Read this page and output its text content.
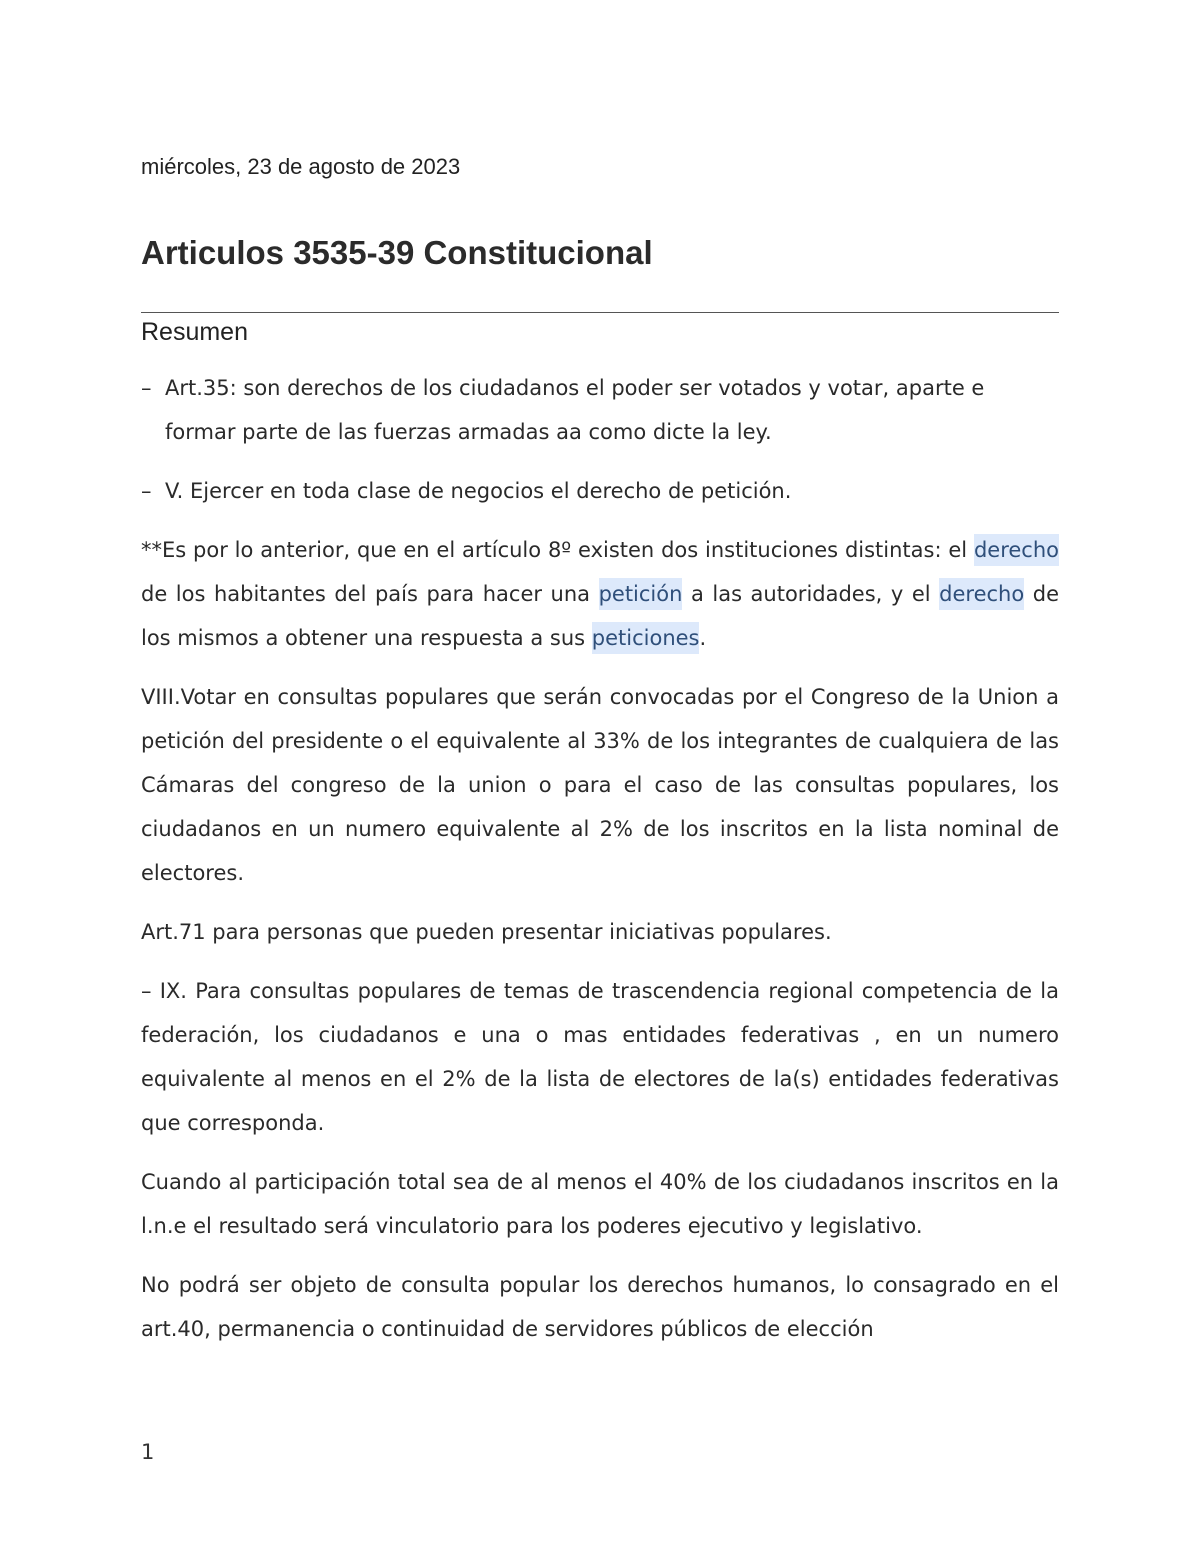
miércoles, 23 de agosto de 2023
Articulos 3535-39 Constitucional
Resumen
– Art.35: son derechos de los ciudadanos el poder ser votados y votar, aparte e formar parte de las fuerzas armadas aa como dicte la ley.
– V. Ejercer en toda clase de negocios el derecho de petición.

**Es por lo anterior, que en el artículo 8º existen dos instituciones distintas: el derecho de los habitantes del país para hacer una petición a las autoridades, y el derecho de los mismos a obtener una respuesta a sus peticiones.

VIII.Votar en consultas populares que serán convocadas por el Congreso de la Union a petición del presidente o el equivalente al 33% de los integrantes de cualquiera de las Cámaras del congreso de la union o para el caso de las consultas populares, los ciudadanos en un numero equivalente al 2% de los inscritos en la lista nominal de electores.

Art.71 para personas que pueden presentar iniciativas populares.

– IX. Para consultas populares de temas de trascendencia regional competencia de la federación, los ciudadanos e una o mas entidades federativas , en un numero equivalente al menos en el 2% de la lista de electores de la(s) entidades federativas que corresponda.

Cuando al participación total sea de al menos el 40% de los ciudadanos inscritos en la l.n.e el resultado será vinculatorio para los poderes ejecutivo y legislativo.

No podrá ser objeto de consulta popular los derechos humanos, lo consagrado en el art.40, permanencia o continuidad de servidores públicos de elección

1
